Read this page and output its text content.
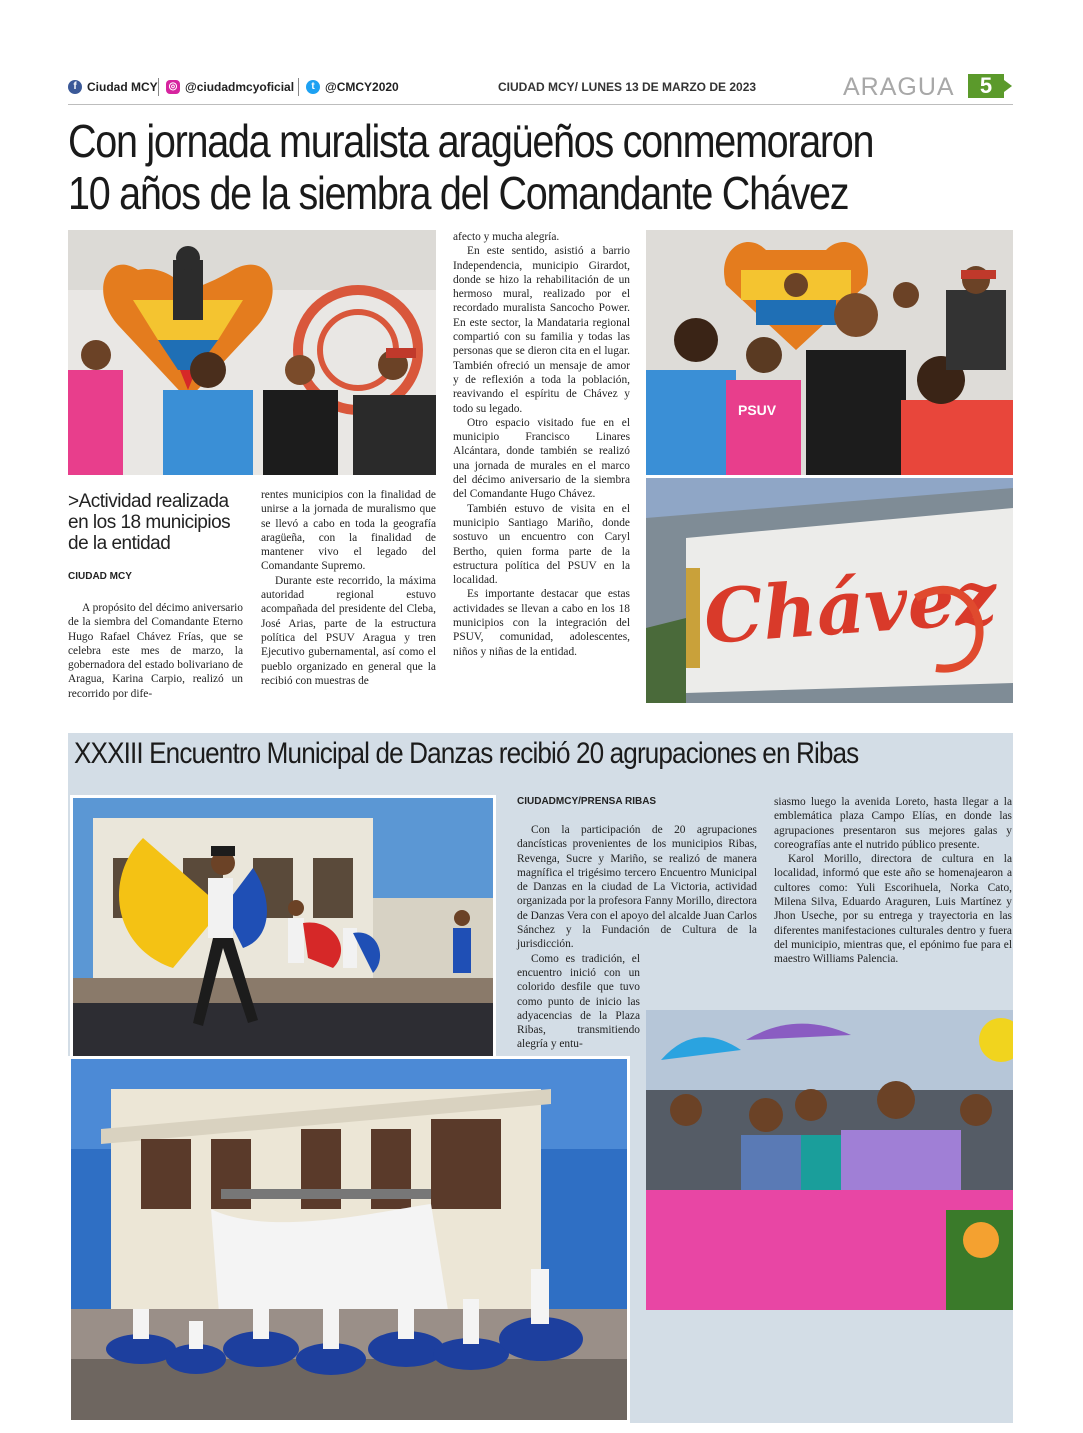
f Ciudad MCY ◎ @ciudadmcyoficial	t @CMCY2020	CIUDAD MCY/ LUNES 13 DE MARZO DE 2023	ARAGUA	5
Con jornada muralista aragüeños conmemoraron
10 años de la siembra del Comandante Chávez
>Actividad realizada en los 18 municipios de la entidad
CIUDAD MCY

A propósito del décimo aniversario de la siembra del Comandante Eterno Hugo Rafael Chávez Frías, que se celebra este mes de marzo, la gobernadora del estado bolivariano de Aragua, Karina Carpio, realizó un recorrido por dife-

rentes municipios con la finalidad de unirse a la jornada de muralismo que se llevó a cabo en toda la geografía aragüeña, con la finalidad de mantener vivo el legado del Comandante Supremo.

Durante este recorrido, la máxima autoridad regional estuvo acompañada del presidente del Cleba, José Arias, parte de la estructura política del PSUV Aragua y tren Ejecutivo gubernamental, así como el pueblo organizado en general que la recibió con muestras de

afecto y mucha alegría.

En este sentido, asistió a barrio Independencia, municipio Girardot, donde se hizo la rehabilitación de un hermoso mural, realizado por el recordado muralista Sancocho Power. En este sector, la Mandataria regional compartió con su familia y todas las personas que se dieron cita en el lugar. También ofreció un mensaje de amor y de reflexión a toda la población, reavivando el espíritu de Chávez y todo su legado.

Otro espacio visitado fue en el municipio Francisco Linares Alcántara, donde también se realizó una jornada de murales en el marco del décimo aniversario de la siembra del Comandante Hugo Chávez.

También estuvo de visita en el municipio Santiago Mariño, donde sostuvo un encuentro con Caryl Bertho, quien forma parte de la estructura política del PSUV en la localidad.

Es importante destacar que estas actividades se llevan a cabo en los 18 municipios con la integración del PSUV, comunidad, adolescentes, niños y niñas de la entidad.

PSUV
Chávez
XXXIII Encuentro Municipal de Danzas recibió 20 agrupaciones en Ribas
CIUDADMCY/PRENSA RIBAS

Con la participación de 20 agrupaciones dancísticas provenientes de los municipios Ribas, Revenga, Sucre y Mariño, se realizó de manera magnífica el trigésimo tercero Encuentro Municipal de Danzas en la ciudad de La Victoria, actividad organizada por la profesora Fanny Morillo, directora de Danzas Vera con el apoyo del alcalde Juan Carlos Sánchez y la Fundación de Cultura de la jurisdicción.

Como es tradición, el encuentro inició con un colorido desfile que tuvo como punto de inicio las adyacencias de la Plaza Ribas, transmitiendo alegría y entu-

siasmo luego la avenida Loreto, hasta llegar a la emblemática plaza Campo Elías, en donde las agrupaciones presentaron sus mejores galas y coreografías ante el nutrido público presente.

Karol Morillo, directora de cultura en la localidad, informó que este año se homenajearon a cultores como: Yuli Escorihuela, Norka Cato, Milena Silva, Eduardo Araguren, Luis Martínez y Jhon Useche, por su entrega y trayectoria en las diferentes manifestaciones culturales dentro y fuera del municipio, mientras que, el epónimo fue para el maestro Williams Palencia.
